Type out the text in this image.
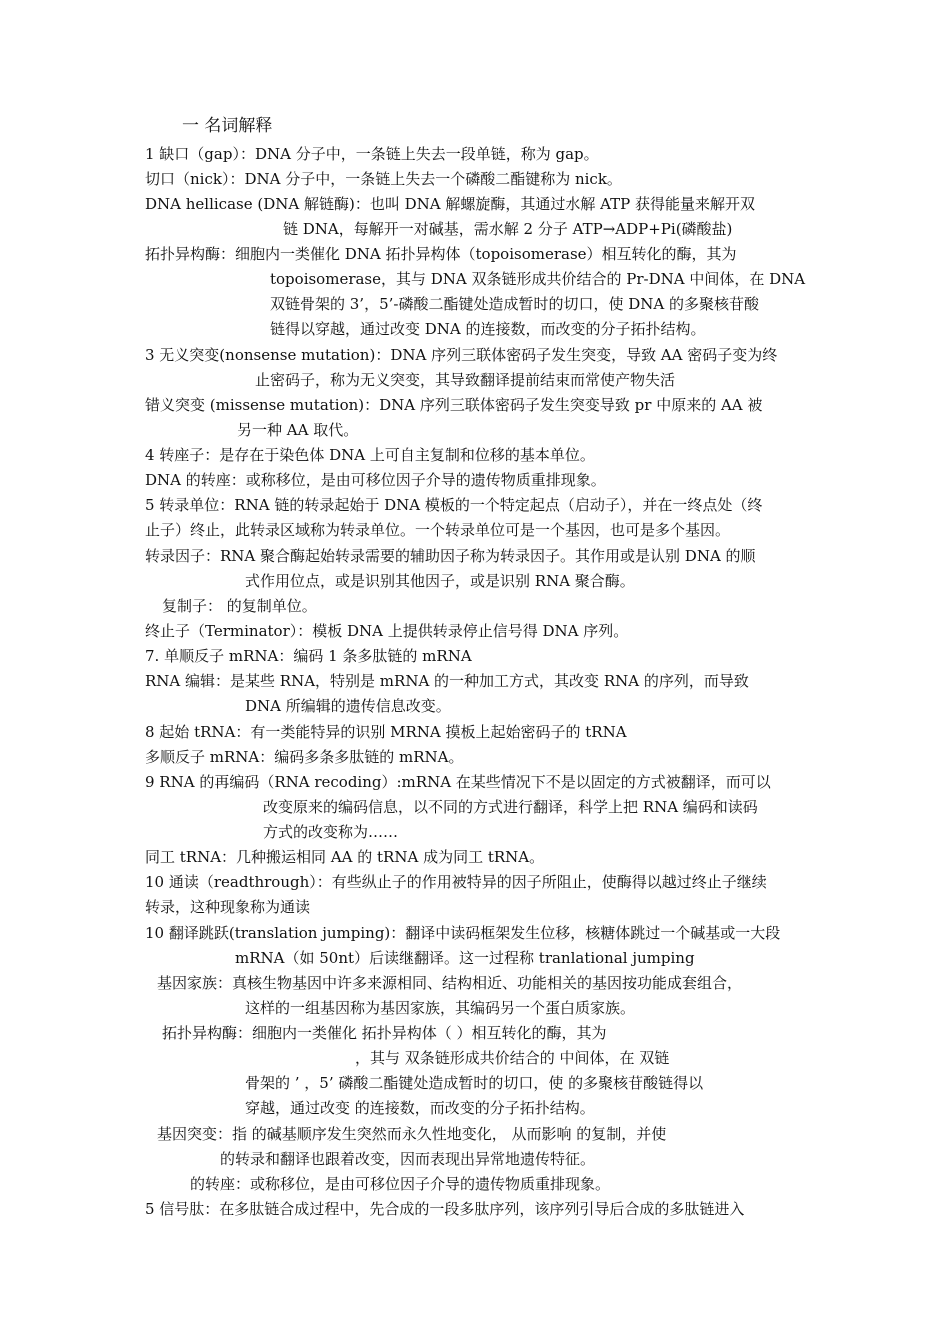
一 名词解释
1 缺口（gap）：DNA 分子中，一条链上失去一段单链，称为 gap。
切口（nick）：DNA 分子中，一条链上失去一个磷酸二酯键称为 nick。
DNA hellicase (DNA 解链酶)：也叫 DNA 解螺旋酶，其通过水解 ATP 获得能量来解开双
链 DNA，每解开一对碱基，需水解 2 分子 ATP→ADP+Pi(磷酸盐)
拓扑异构酶：细胞内一类催化 DNA 拓扑异构体（topoisomerase）相互转化的酶，其为
topoisomerase，其与 DNA 双条链形成共价结合的 Pr-DNA 中间体，在 DNA
双链骨架的 3’，5’-磷酸二酯键处造成暂时的切口，使 DNA 的多聚核苷酸
链得以穿越，通过改变 DNA 的连接数，而改变的分子拓扑结构。
3 无义突变(nonsense mutation)：DNA 序列三联体密码子发生突变，导致 AA 密码子变为终
止密码子，称为无义突变，其导致翻译提前结束而常使产物失活
错义突变 (missense mutation)：DNA 序列三联体密码子发生突变导致 pr 中原来的 AA 被
另一种 AA 取代。
4 转座子：是存在于染色体 DNA 上可自主复制和位移的基本单位。
DNA 的转座：或称移位，是由可移位因子介导的遗传物质重排现象。
5 转录单位：RNA 链的转录起始于 DNA 模板的一个特定起点（启动子），并在一终点处（终
止子）终止，此转录区域称为转录单位。一个转录单位可是一个基因，也可是多个基因。
转录因子：RNA 聚合酶起始转录需要的辅助因子称为转录因子。其作用或是认别 DNA 的顺
式作用位点，或是识别其他因子，或是识别 RNA 聚合酶。
复制子： 的复制单位。
终止子（Terminator）：模板 DNA 上提供转录停止信号得 DNA 序列。
7. 单顺反子 mRNA：编码 1 条多肽链的 mRNA
RNA 编辑：是某些 RNA，特别是 mRNA 的一种加工方式，其改变 RNA 的序列，而导致
DNA 所编辑的遗传信息改变。
8 起始 tRNA：有一类能特异的识别 MRNA 摸板上起始密码子的 tRNA
多顺反子 mRNA：编码多条多肽链的 mRNA。
9 RNA 的再编码（RNA recoding）:mRNA 在某些情况下不是以固定的方式被翻译，而可以
改变原来的编码信息，以不同的方式进行翻译，科学上把 RNA 编码和读码
方式的改变称为……
同工 tRNA：几种搬运相同 AA 的 tRNA 成为同工 tRNA。
10 通读（readthrough）：有些纵止子的作用被特异的因子所阻止，使酶得以越过终止子继续
转录，这种现象称为通读
10 翻译跳跃(translation jumping)：翻译中读码框架发生位移，核糖体跳过一个碱基或一大段
mRNA（如 50nt）后读继翻译。这一过程称 tranlational jumping
基因家族：真核生物基因中许多来源相同、结构相近、功能相关的基因按功能成套组合，
这样的一组基因称为基因家族，其编码另一个蛋白质家族。
拓扑异构酶：细胞内一类催化 拓扑异构体（ ）相互转化的酶，其为
，其与 双条链形成共价结合的 中间体，在 双链
骨架的 ’ ，5’ 磷酸二酯键处造成暂时的切口，使 的多聚核苷酸链得以
穿越，通过改变 的连接数，而改变的分子拓扑结构。
基因突变：指 的碱基顺序发生突然而永久性地变化， 从而影响 的复制，并使
的转录和翻译也跟着改变，因而表现出异常地遗传特征。
的转座：或称移位，是由可移位因子介导的遗传物质重排现象。
5 信号肽：在多肽链合成过程中，先合成的一段多肽序列，该序列引导后合成的多肽链进入
